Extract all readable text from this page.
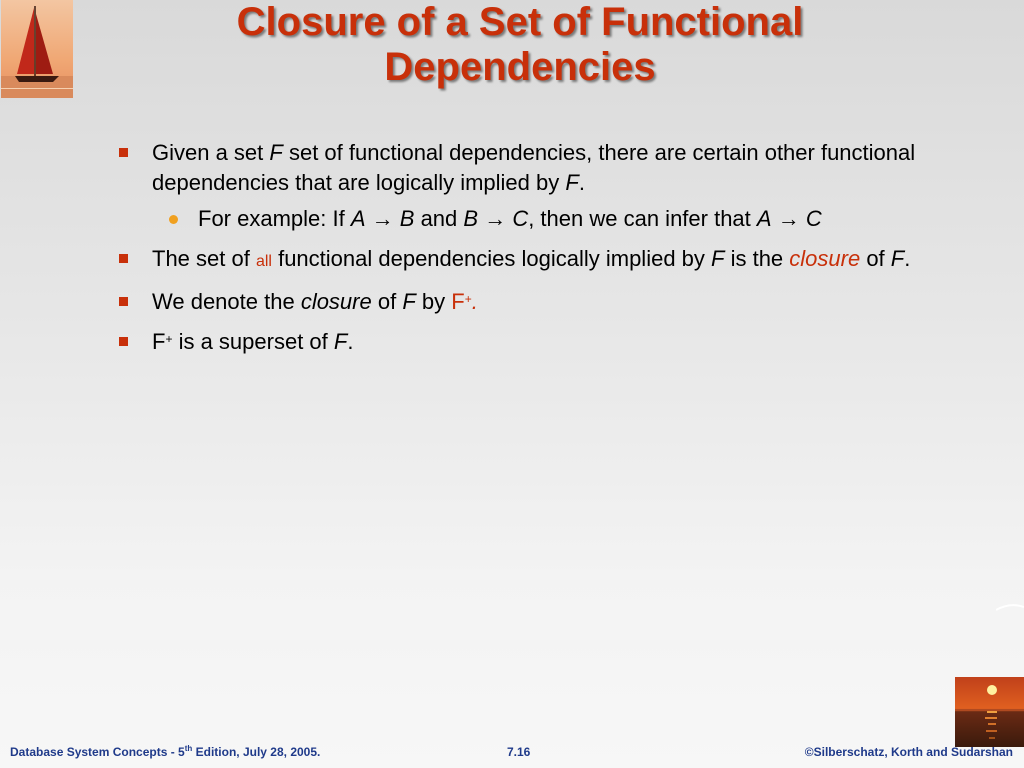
Closure of a Set of Functional
Dependencies
Given a set F set of functional dependencies, there are certain other functional dependencies that are logically implied by F.
For example: If A → B and B → C, then we can infer that A → C
The set of all functional dependencies logically implied by F is the closure of F.
We denote the closure of F by F+.
F+ is a superset of F.
Database System Concepts - 5th Edition, July 28, 2005.	7.16	©Silberschatz, Korth and Sudarshan
